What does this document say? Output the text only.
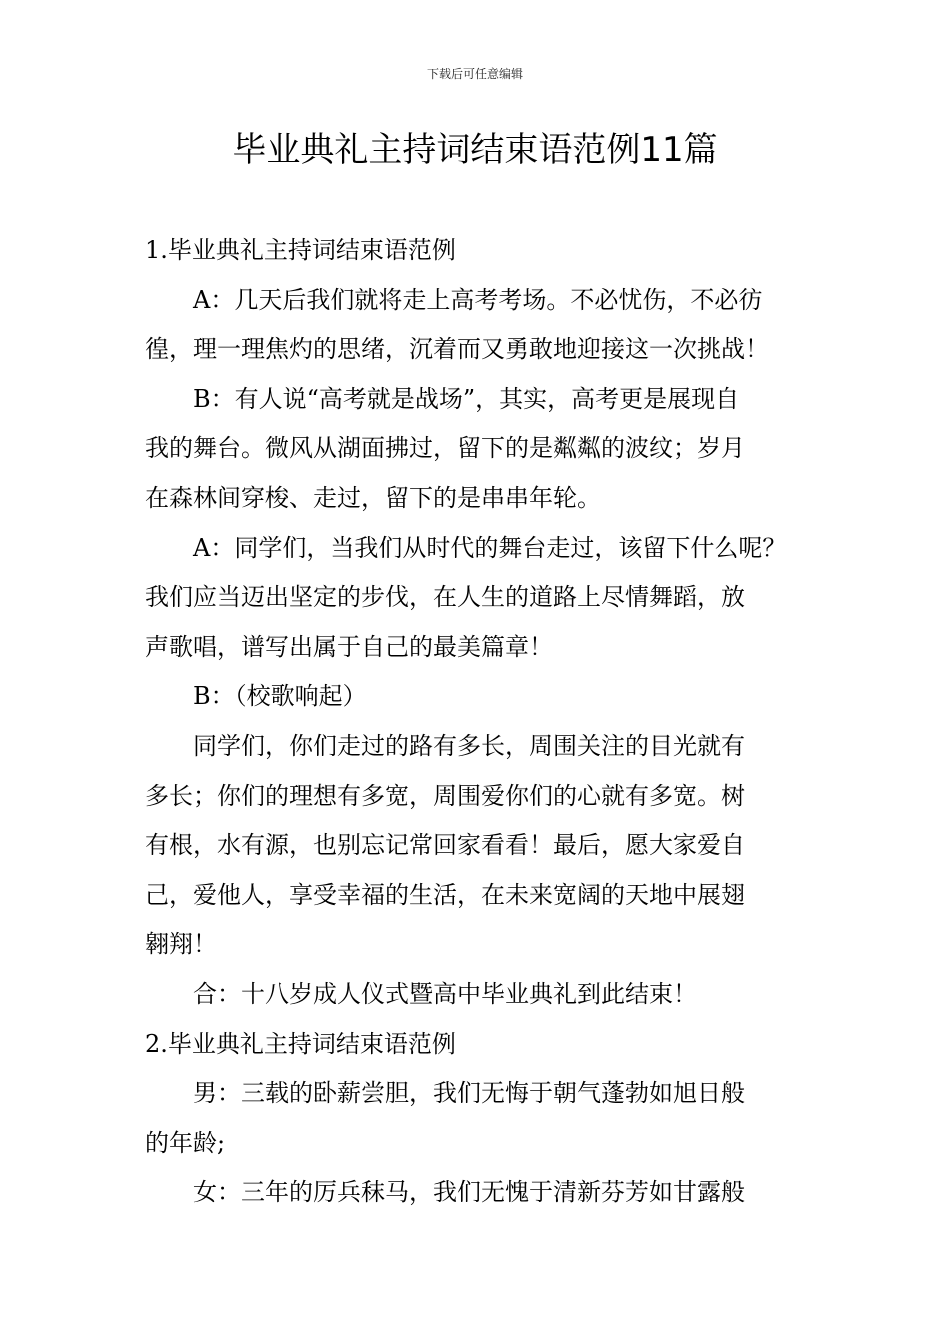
下载后可任意编辑
毕业典礼主持词结束语范例11篇
1.毕业典礼主持词结束语范例
A：几天后我们就将走上高考考场。不必忧伤，不必彷
徨，理一理焦灼的思绪，沉着而又勇敢地迎接这一次挑战！
B：有人说“高考就是战场”，其实，高考更是展现自
我的舞台。微风从湖面拂过，留下的是粼粼的波纹；岁月
在森林间穿梭、走过，留下的是串串年轮。
A：同学们，当我们从时代的舞台走过，该留下什么呢？
我们应当迈出坚定的步伐，在人生的道路上尽情舞蹈，放
声歌唱，谱写出属于自己的最美篇章！
B：（校歌响起）
同学们，你们走过的路有多长，周围关注的目光就有
多长；你们的理想有多宽，周围爱你们的心就有多宽。树
有根，水有源，也别忘记常回家看看！最后，愿大家爱自
己，爱他人，享受幸福的生活，在未来宽阔的天地中展翅
翱翔！
合：十八岁成人仪式暨高中毕业典礼到此结束！
2.毕业典礼主持词结束语范例
男：三载的卧薪尝胆，我们无悔于朝气蓬勃如旭日般
的年龄;
女：三年的厉兵秣马，我们无愧于清新芬芳如甘露般
